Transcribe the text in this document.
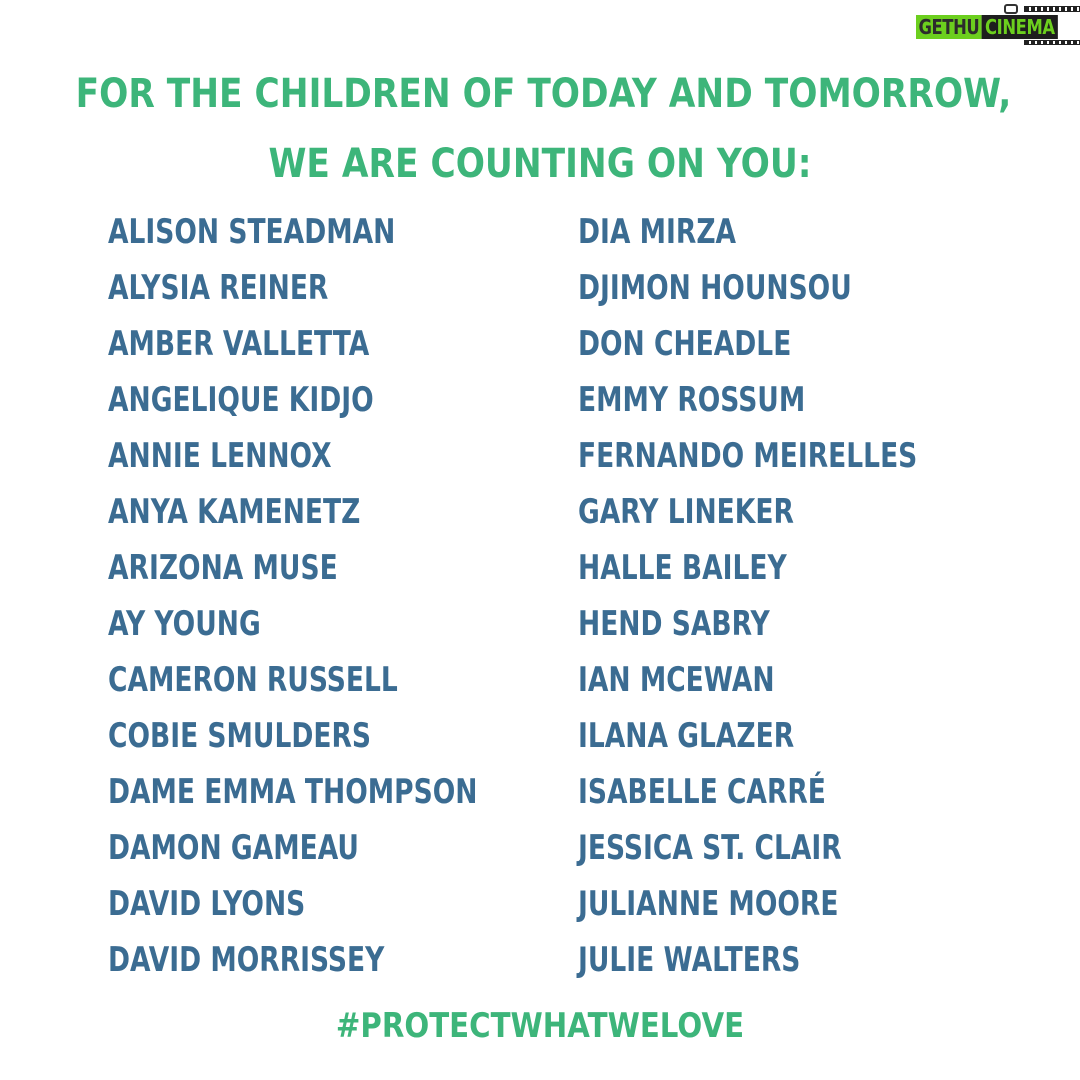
GETHU CINEMA
FOR THE CHILDREN OF TODAY AND TOMORROW,
WE ARE COUNTING ON YOU:
ALISON STEADMAN
ALYSIA REINER
AMBER VALLETTA
ANGELIQUE KIDJO
ANNIE LENNOX
ANYA KAMENETZ
ARIZONA MUSE
AY YOUNG
CAMERON RUSSELL
COBIE SMULDERS
DAME EMMA THOMPSON
DAMON GAMEAU
DAVID LYONS
DAVID MORRISSEY
DIA MIRZA
DJIMON HOUNSOU
DON CHEADLE
EMMY ROSSUM
FERNANDO MEIRELLES
GARY LINEKER
HALLE BAILEY
HEND SABRY
IAN MCEWAN
ILANA GLAZER
ISABELLE CARRÉ
JESSICA ST. CLAIR
JULIANNE MOORE
JULIE WALTERS
#PROTECTWHATWELOVE
